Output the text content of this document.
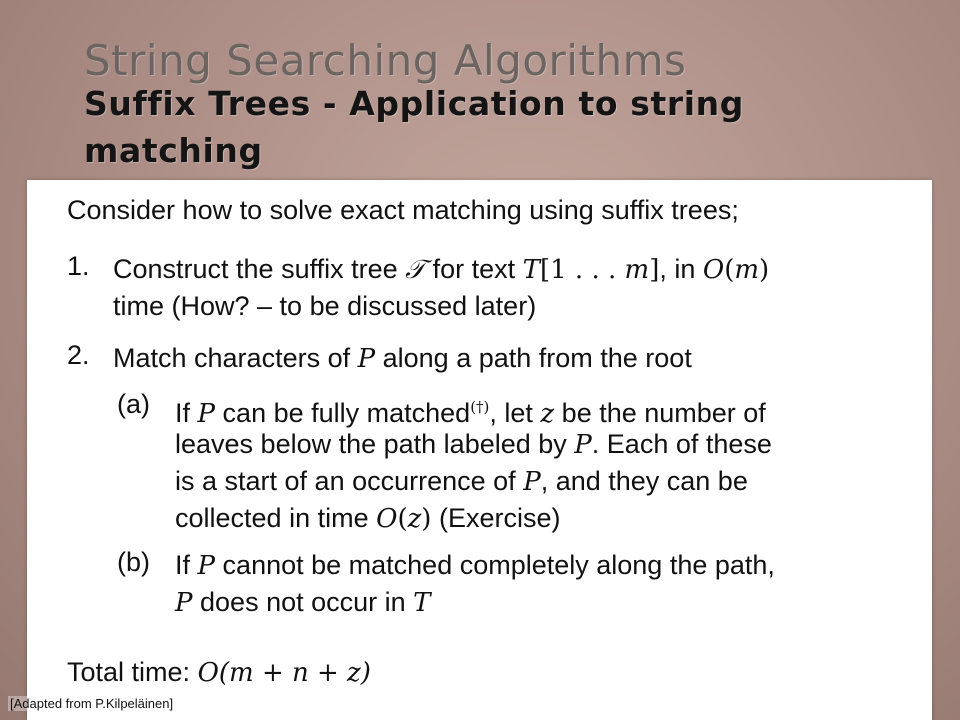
String Searching Algorithms
Suffix Trees - Application to string matching
Consider how to solve exact matching using suffix trees;
1. Construct the suffix tree 𝒯 for text T[1 . . . m], in O(m)
time (How? – to be discussed later)
2. Match characters of P along a path from the root
(a) If P can be fully matched(†), let z be the number of
leaves below the path labeled by P. Each of these
is a start of an occurrence of P, and they can be
collected in time O(z) (Exercise)
(b) If P cannot be matched completely along the path,
P does not occur in T
Total time: O(m + n + z)
[Adapted from P.Kilpeläinen]
